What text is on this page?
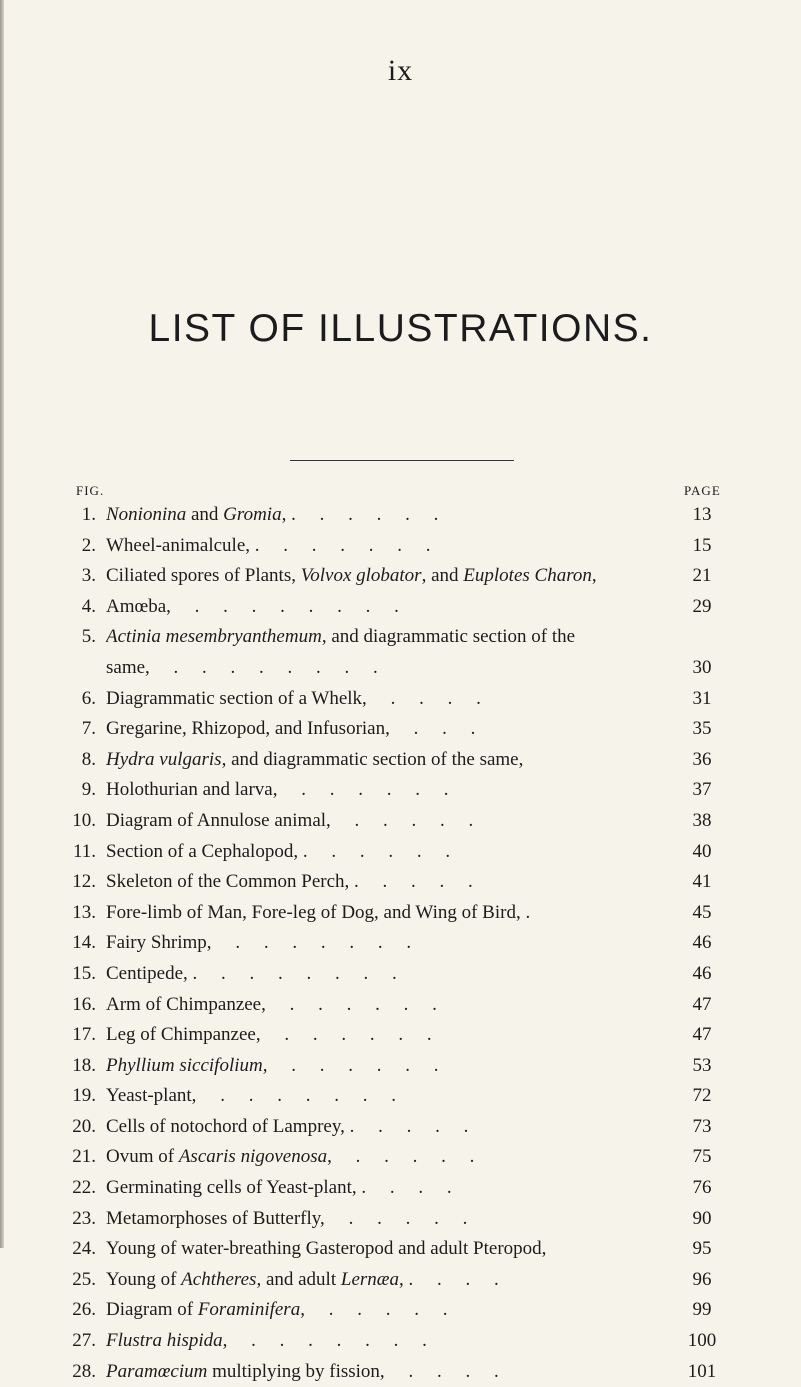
ix
LIST OF ILLUSTRATIONS.
FIG.	PAGE
1. Nonionina and Gromia, .     .     .     .     .     .	13
2. Wheel-animalcule, .     .     .     .     .     .     .	15
3. Ciliated spores of Plants, Volvox globator, and Euplotes Charon,	21
4. Amœba,     .     .     .     .     .     .     .     .	29
5. Actinia mesembryanthemum, and diagrammatic section of the
same,     .     .     .     .     .     .     .     .	30
6. Diagrammatic section of a Whelk,     .     .     .     .	31
7. Gregarine, Rhizopod, and Infusorian,     .     .     .	35
8. Hydra vulgaris, and diagrammatic section of the same,	36
9. Holothurian and larva,     .     .     .     .     .     .	37
10. Diagram of Annulose animal,     .     .     .     .     .	38
11. Section of a Cephalopod, .     .     .     .     .     .	40
12. Skeleton of the Common Perch, .     .     .     .     .	41
13. Fore-limb of Man, Fore-leg of Dog, and Wing of Bird, .	45
14. Fairy Shrimp,     .     .     .     .     .     .     .	46
15. Centipede, .     .     .     .     .     .     .     .	46
16. Arm of Chimpanzee,     .     .     .     .     .     .	47
17. Leg of Chimpanzee,     .     .     .     .     .     .	47
18. Phyllium siccifolium,     .     .     .     .     .     .	53
19. Yeast-plant,     .     .     .     .     .     .     .	72
20. Cells of notochord of Lamprey, .     .     .     .     .	73
21. Ovum of Ascaris nigovenosa,     .     .     .     .     .	75
22. Germinating cells of Yeast-plant, .     .     .     .	76
23. Metamorphoses of Butterfly,     .     .     .     .     .	90
24. Young of water-breathing Gasteropod and adult Pteropod,	95
25. Young of Achtheres, and adult Lernæa, .     .     .     .	96
26. Diagram of Foraminifera,     .     .     .     .     .	99
27. Flustra hispida,     .     .     .     .     .     .     .	100
28. Paramœcium multiplying by fission,     .     .     .     .	101
